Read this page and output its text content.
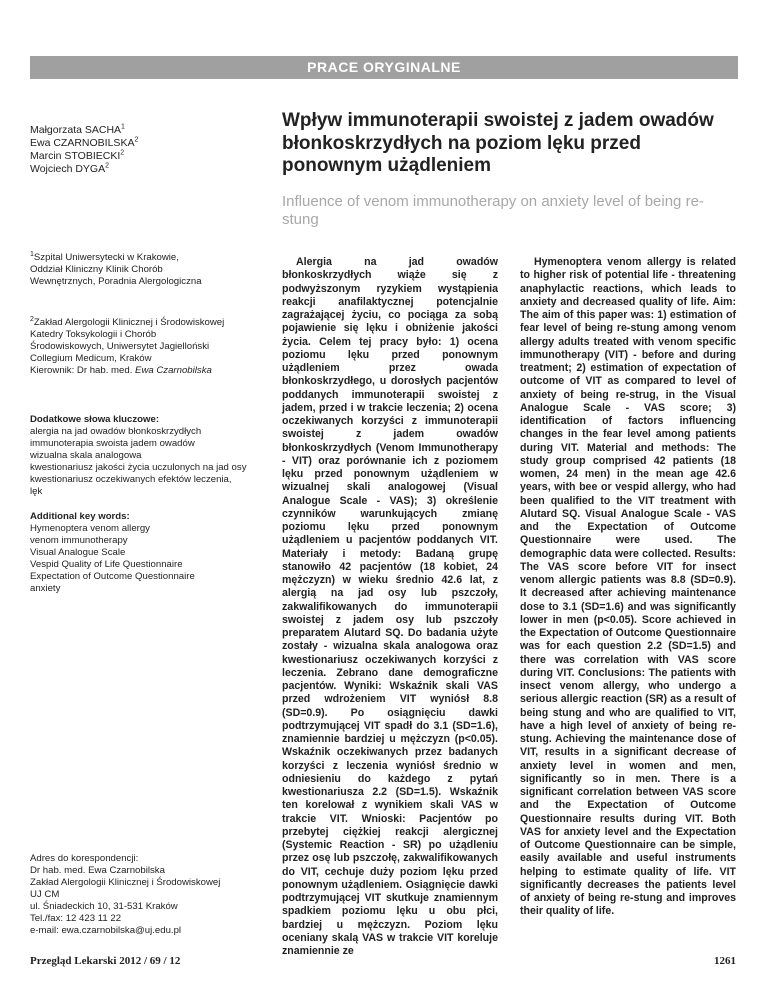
PRACE ORYGINALNE
Małgorzata SACHA$^1$
Ewa CZARNOBILSKA$^2$
Marcin STOBIECKI$^2$
Wojciech DYGA$^2$
Wpływ immunoterapii swoistej z jadem owadów błonkoskrzydłych na poziom lęku przed ponownym użądleniem
Influence of venom immunotherapy on anxiety level of being re-stung
$^1$Szpital Uniwersytecki w Krakowie,
Oddział Kliniczny Klinik Chorób
Wewnętrznych, Poradnia Alergologiczna
$^2$Zakład Alergologii Klinicznej i Środowiskowej
Katedry Toksykologii i Chorób
Środowiskowych, Uniwersytet Jagielloński
Collegium Medicum, Kraków
Kierownik: Dr hab. med. Ewa Czarnobilska
Dodatkowe słowa kluczowe:
alergia na jad owadów błonkoskrzydłych
immunoterapia swoista jadem owadów
wizualna skala analogowa
kwestionariusz jakości życia uczulonych na jad osy
kwestionariusz oczekiwanych efektów leczenia,
lęk
Additional key words:
Hymenoptera venom allergy
venom immunotherapy
Visual Analogue Scale
Vespid Quality of Life Questionnaire
Expectation of Outcome Questionnaire
anxiety
Adres do korespondencji:
Dr hab. med. Ewa Czarnobilska
Zakład Alergologii Klinicznej i Środowiskowej
UJ CM
ul. Śniadeckich 10, 31-531 Kraków
Tel./fax: 12 423 11 22
e-mail: ewa.czarnobilska@uj.edu.pl
Alergia na jad owadów błonkoskrzydłych wiąże się z podwyższonym ryzykiem wystąpienia reakcji anafilaktycznej potencjalnie zagrażającej życiu, co pociąga za sobą pojawienie się lęku i obniżenie jakości życia. Celem tej pracy było: 1) ocena poziomu lęku przed ponownym użądleniem przez owada błonkoskrzydłego, u dorosłych pacjentów poddanych immunoterapii swoistej z jadem, przed i w trakcie leczenia; 2) ocena oczekiwanych korzyści z immunoterapii swoistej z jadem owadów błonkoskrzydłych (Venom Immunotherapy - VIT) oraz porównanie ich z poziomem lęku przed ponownym użądleniem w wizualnej skali analogowej (Visual Analogue Scale - VAS); 3) określenie czynników warunkujących zmianę poziomu lęku przed ponownym użądleniem u pacjentów poddanych VIT. Materiały i metody: Badaną grupę stanowiło 42 pacjentów (18 kobiet, 24 mężczyzn) w wieku średnio 42.6 lat, z alergią na jad osy lub pszczoły, zakwalifikowanych do immunoterapii swoistej z jadem osy lub pszczoły preparatem Alutard SQ. Do badania użyte zostały - wizualna skala analogowa oraz kwestionariusz oczekiwanych korzyści z leczenia. Zebrano dane demograficzne pacjentów. Wyniki: Wskaźnik skali VAS przed wdrożeniem VIT wyniósł 8.8 (SD=0.9). Po osiągnięciu dawki podtrzymującej VIT spadł do 3.1 (SD=1.6), znamiennie bardziej u mężczyzn (p<0.05). Wskaźnik oczekiwanych przez badanych korzyści z leczenia wyniósł średnio w odniesieniu do każdego z pytań kwestionariusza 2.2 (SD=1.5). Wskaźnik ten korelował z wynikiem skali VAS w trakcie VIT. Wnioski: Pacjentów po przebytej ciężkiej reakcji alergicznej (Systemic Reaction - SR) po użądleniu przez osę lub pszczołę, zakwalifikowanych do VIT, cechuje duży poziom lęku przed ponownym użądleniem. Osiągnięcie dawki podtrzymującej VIT skutkuje znamiennym spadkiem poziomu lęku u obu płci, bardziej u mężczyzn. Poziom lęku oceniany skalą VAS w trakcie VIT koreluje znamiennie ze
Hymenoptera venom allergy is related to higher risk of potential life - threatening anaphylactic reactions, which leads to anxiety and decreased quality of life. Aim: The aim of this paper was: 1) estimation of fear level of being re-stung among venom allergy adults treated with venom specific immunotherapy (VIT) - before and during treatment; 2) estimation of expectation of outcome of VIT as compared to level of anxiety of being re-strug, in the Visual Analogue Scale - VAS score; 3) identification of factors influencing changes in the fear level among patients during VIT. Material and methods: The study group comprised 42 patients (18 women, 24 men) in the mean age 42.6 years, with bee or vespid allergy, who had been qualified to the VIT treatment with Alutard SQ. Visual Analogue Scale - VAS and the Expectation of Outcome Questionnaire were used. The demographic data were collected. Results: The VAS score before VIT for insect venom allergic patients was 8.8 (SD=0.9). It decreased after achieving maintenance dose to 3.1 (SD=1.6) and was significantly lower in men (p<0.05). Score achieved in the Expectation of Outcome Questionnaire was for each question 2.2 (SD=1.5) and there was correlation with VAS score during VIT. Conclusions: The patients with insect venom allergy, who undergo a serious allergic reaction (SR) as a result of being stung and who are qualified to VIT, have a high level of anxiety of being re-stung. Achieving the maintenance dose of VIT, results in a significant decrease of anxiety level in women and men, significantly so in men. There is a significant correlation between VAS score and the Expectation of Outcome Questionnaire results during VIT. Both VAS for anxiety level and the Expectation of Outcome Questionnaire can be simple, easily available and useful instruments helping to estimate quality of life. VIT significantly decreases the patients level of anxiety of being re-stung and improves their quality of life.
Przegląd Lekarski 2012 / 69 / 12	1261
